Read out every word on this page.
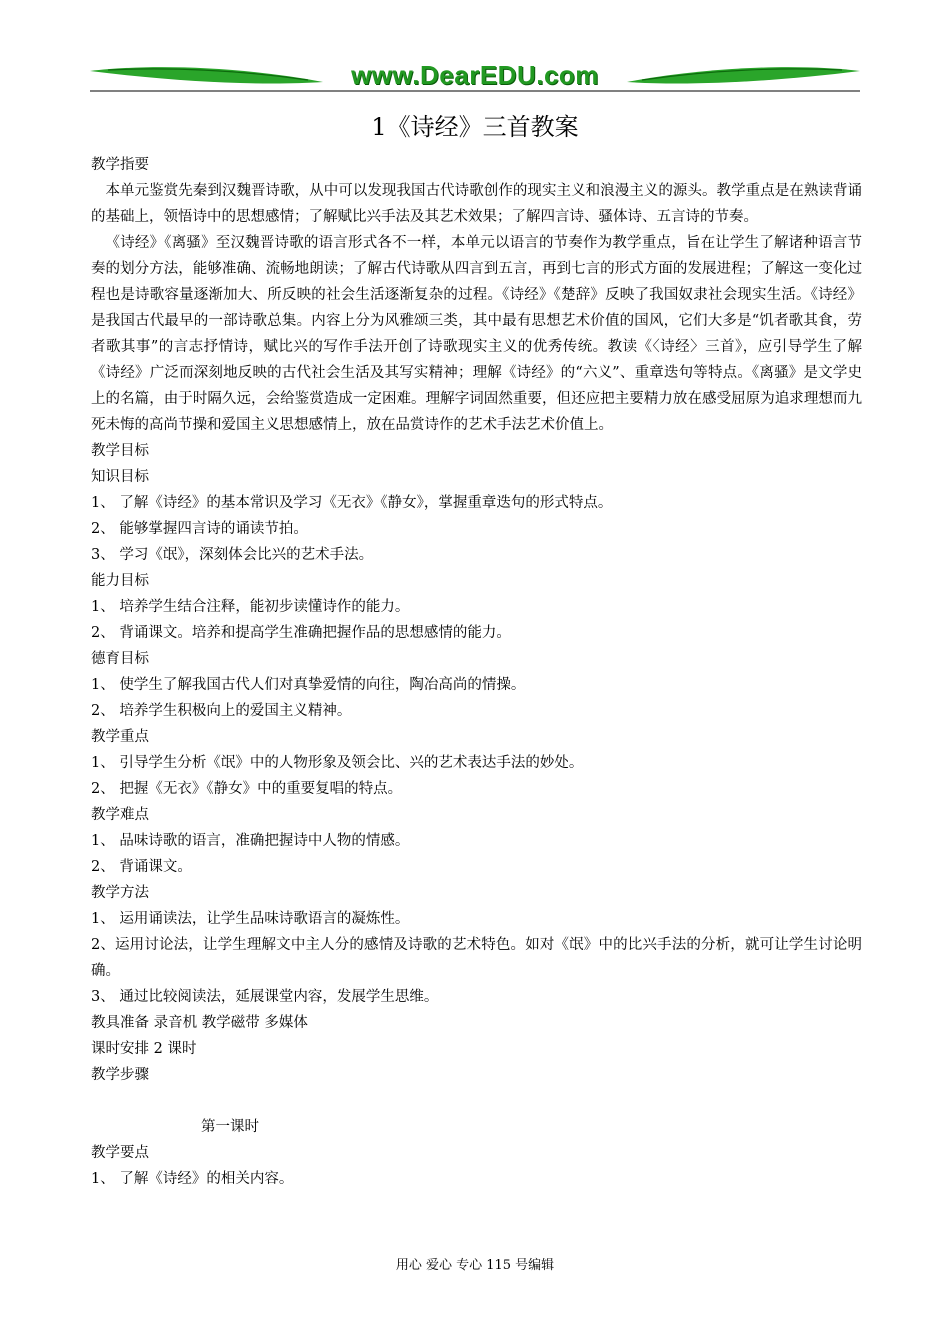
www.DearEDU.com
1《诗经》三首教案

教学指要

本单元鉴赏先秦到汉魏晋诗歌，从中可以发现我国古代诗歌创作的现实主义和浪漫主义的源头。教学重点是在熟读背诵的基础上，领悟诗中的思想感情；了解赋比兴手法及其艺术效果；了解四言诗、骚体诗、五言诗的节奏。

《诗经》《离骚》至汉魏晋诗歌的语言形式各不一样，本单元以语言的节奏作为教学重点，旨在让学生了解诸种语言节奏的划分方法，能够准确、流畅地朗读；了解古代诗歌从四言到五言，再到七言的形式方面的发展进程；了解这一变化过程也是诗歌容量逐渐加大、所反映的社会生活逐渐复杂的过程。《诗经》《楚辞》反映了我国奴隶社会现实生活。《诗经》是我国古代最早的一部诗歌总集。内容上分为风雅颂三类，其中最有思想艺术价值的国风，它们大多是“饥者歌其食，劳者歌其事”的言志抒情诗，赋比兴的写作手法开创了诗歌现实主义的优秀传统。教读《〈诗经〉三首》，应引导学生了解《诗经》广泛而深刻地反映的古代社会生活及其写实精神；理解《诗经》的“六义”、重章迭句等特点。《离骚》是文学史上的名篇，由于时隔久远，会给鉴赏造成一定困难。理解字词固然重要，但还应把主要精力放在感受屈原为追求理想而九死未悔的高尚节操和爱国主义思想感情上，放在品赏诗作的艺术手法艺术价值上。

教学目标

知识目标

1、 了解《诗经》的基本常识及学习《无衣》《静女》，掌握重章迭句的形式特点。

2、 能够掌握四言诗的诵读节拍。

3、 学习《氓》，深刻体会比兴的艺术手法。

能力目标

1、 培养学生结合注释，能初步读懂诗作的能力。

2、 背诵课文。培养和提高学生准确把握作品的思想感情的能力。

德育目标

1、 使学生了解我国古代人们对真挚爱情的向往，陶冶高尚的情操。

2、 培养学生积极向上的爱国主义精神。

教学重点

1、 引导学生分析《氓》中的人物形象及领会比、兴的艺术表达手法的妙处。

2、 把握《无衣》《静女》中的重要复唱的特点。

教学难点

1、 品味诗歌的语言，准确把握诗中人物的情感。

2、 背诵课文。

教学方法

1、 运用诵读法，让学生品味诗歌语言的凝炼性。

2、运用讨论法，让学生理解文中主人分的感情及诗歌的艺术特色。如对《氓》中的比兴手法的分析，就可让学生讨论明确。

3、 通过比较阅读法，延展课堂内容，发展学生思维。

教具准备 录音机 教学磁带 多媒体

课时安排 2 课时

教学步骤

第一课时

教学要点

1、 了解《诗经》的相关内容。

用心 爱心 专心 115 号编辑
